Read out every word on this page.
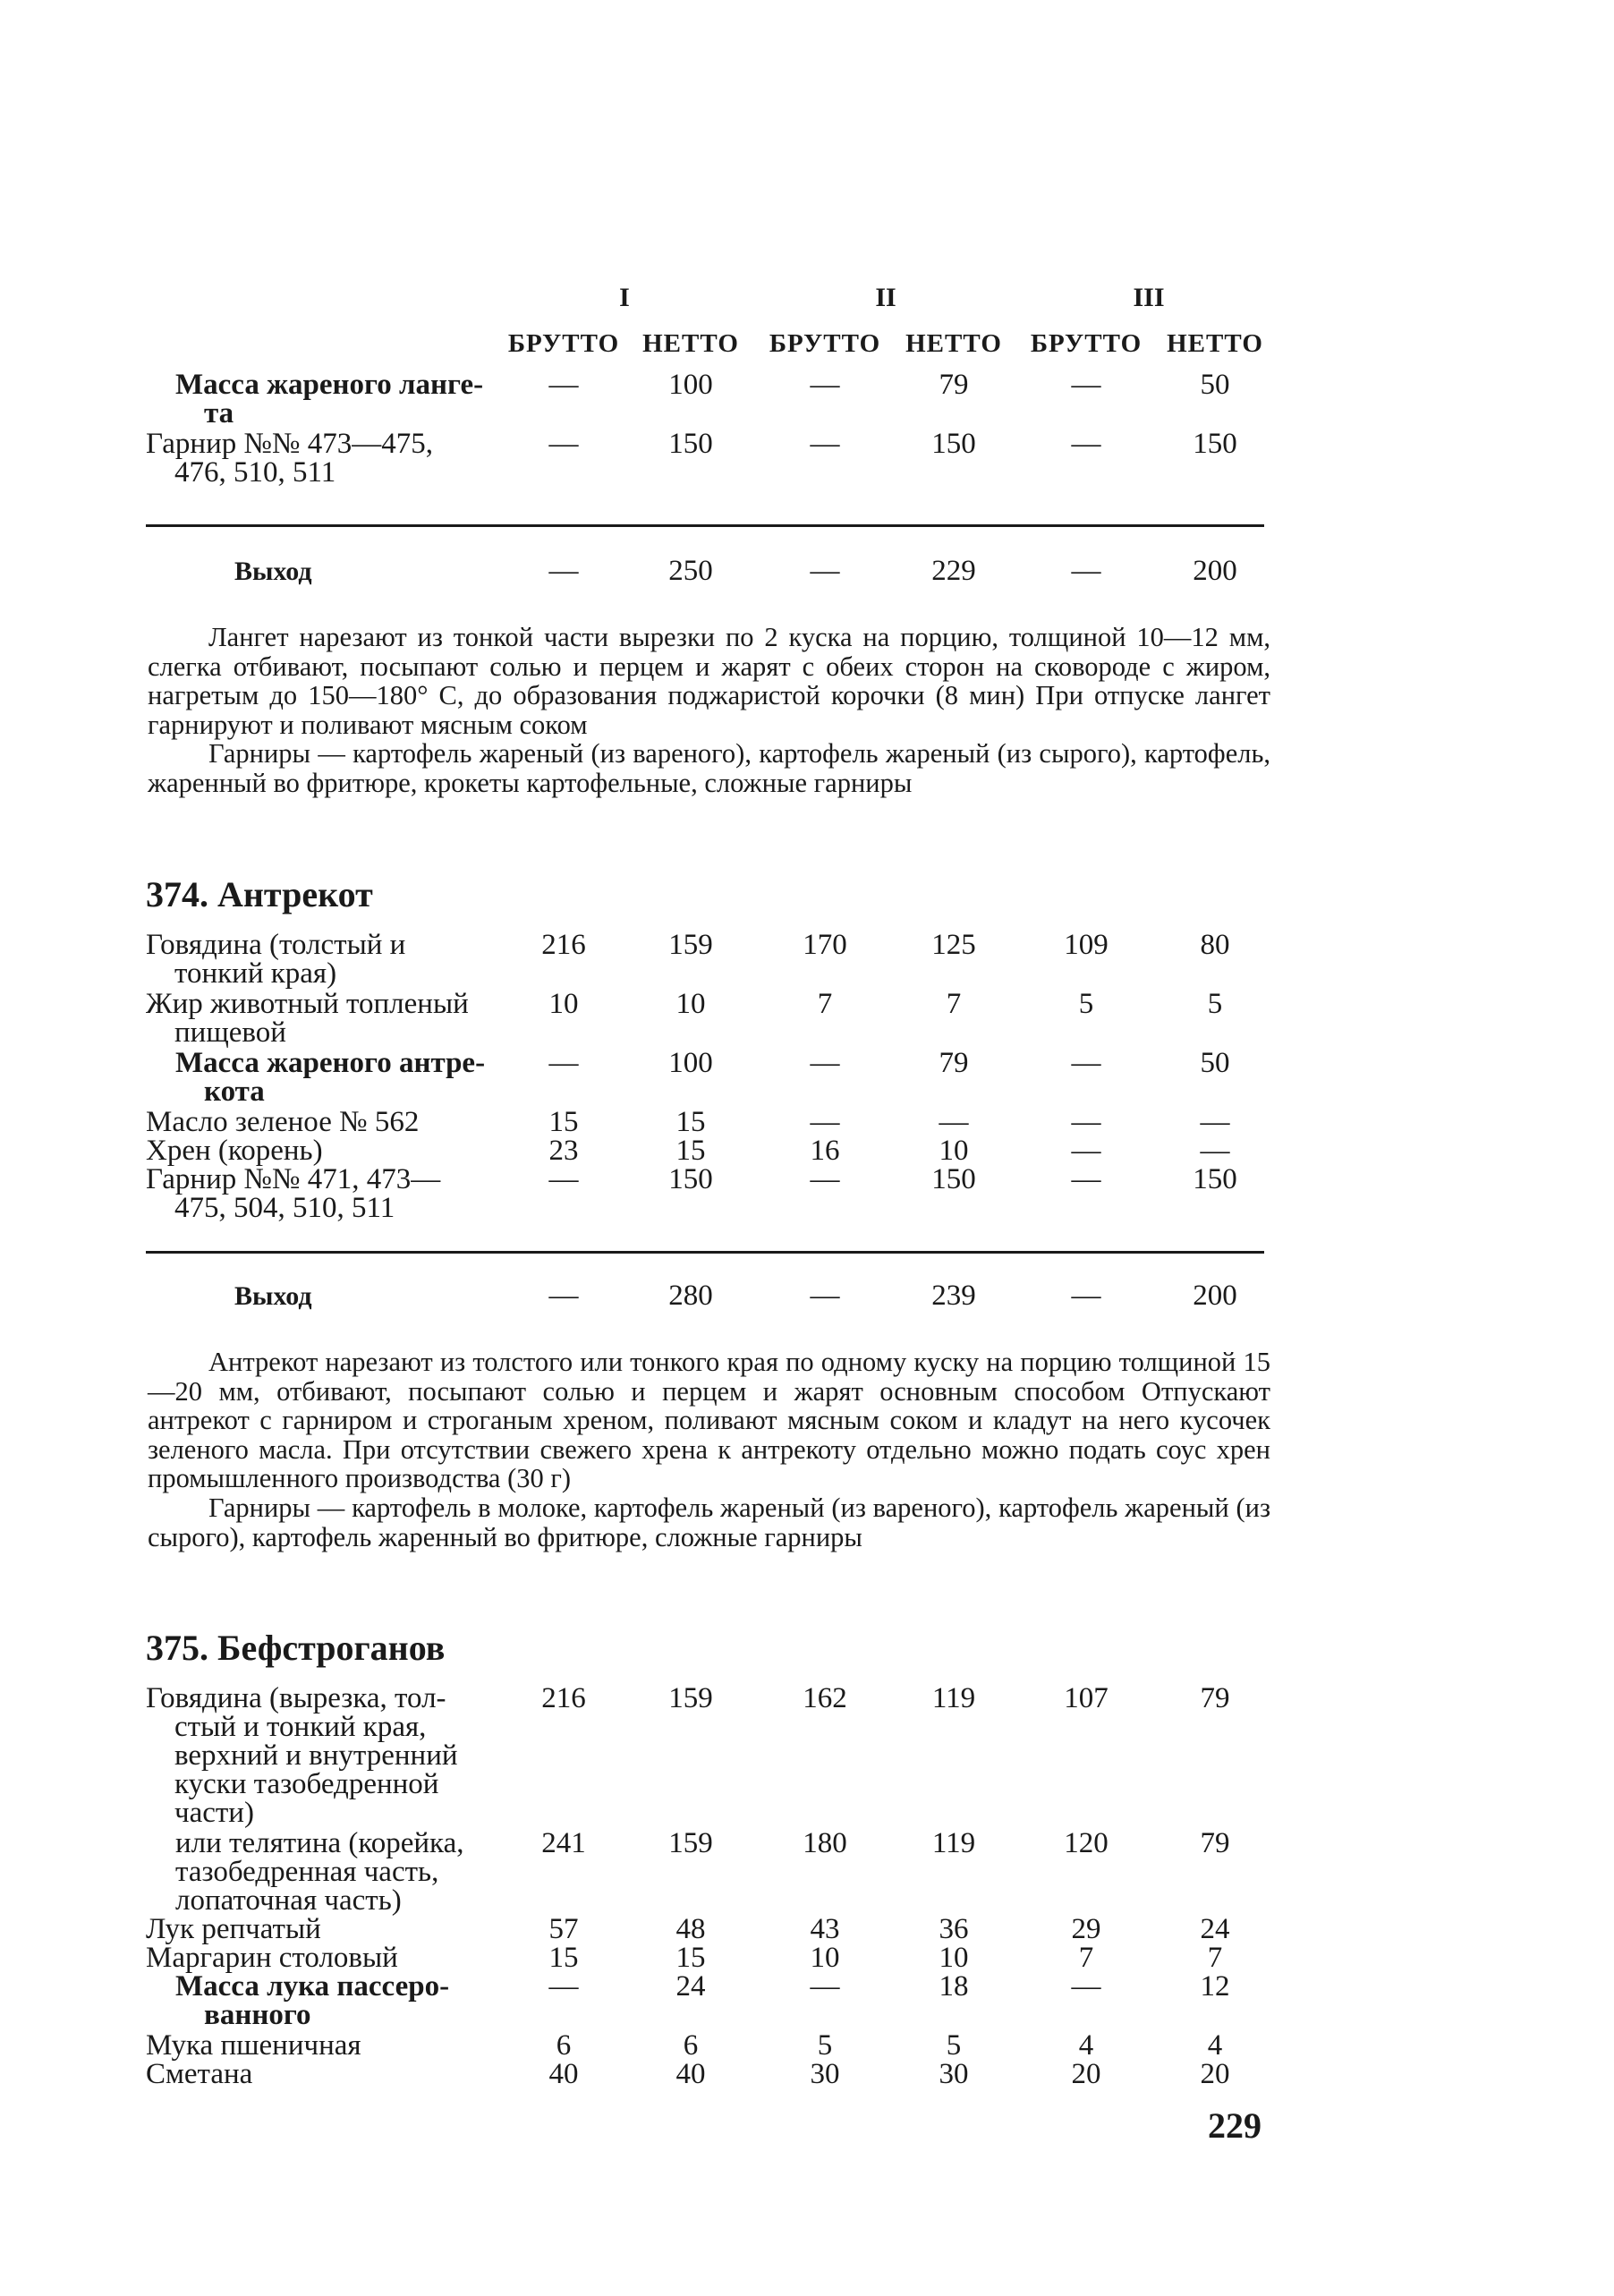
I	II	III
БРУТТО НЕТТО	БРУТТО НЕТТО	БРУТТО НЕТТО
Масса жареного ланге-
та
—	100	—	79	—	50
Гарнир №№ 473—475,
476, 510, 511
—	150	—	150	—	150
Выход	—	250	—	229	—	200

Лангет нарезают из тонкой части вырезки по 2 куска на порцию, толщиной 10—12 мм, слегка отбивают, посыпают солью и перцем и жарят с обеих сторон на сковороде с жиром, нагретым до 150—180° С, до образования поджаристой корочки (8 мин) При отпуске лангет гарнируют и поливают мясным соком

Гарниры — картофель жареный (из вареного), картофель жареный (из сырого), картофель, жаренный во фритюре, крокеты картофельные, сложные гарниры

374. Антрекот
Говядина (толстый и
тонкий края)
216	159	170	125	109	80
Жир животный топленый
пищевой
10	10	7	7	5	5
Масса жареного антре-
кота
—	100	—	79	—	50
Масло зеленое № 562	15	15	—	—	—	—
Хрен (корень)	23	15	16	10	—	—
Гарнир №№ 471, 473—
475, 504, 510, 511
—	150	—	150	—	150
Выход	—	280	—	239	—	200

Антрекот нарезают из толстого или тонкого края по одному куску на порцию толщиной 15—20 мм, отбивают, посыпают солью и перцем и жарят основным способом Отпускают антрекот с гарниром и строганым хреном, поливают мясным соком и кладут на него кусочек зеленого масла. При отсутствии свежего хрена к антрекоту отдельно можно подать соус хрен промышленного производства (30 г)

Гарниры — картофель в молоке, картофель жареный (из вареного), картофель жареный (из сырого), картофель жаренный во фритюре, сложные гарниры

375. Бефстроганов
Говядина (вырезка, тол-
стый и тонкий края,
верхний и внутренний
куски тазобедренной
части)
216	159	162	119	107	79
или телятина (корейка,
тазобедренная часть,
лопаточная часть)
241	159	180	119	120	79
Лук репчатый	57	48	43	36	29	24
Маргарин столовый	15	15	10	10	7	7
Масса лука пассеро-
ванного
—	24	—	18	—	12
Мука пшеничная	6	6	5	5	4	4
Сметана	40	40	30	30	20	20
229
